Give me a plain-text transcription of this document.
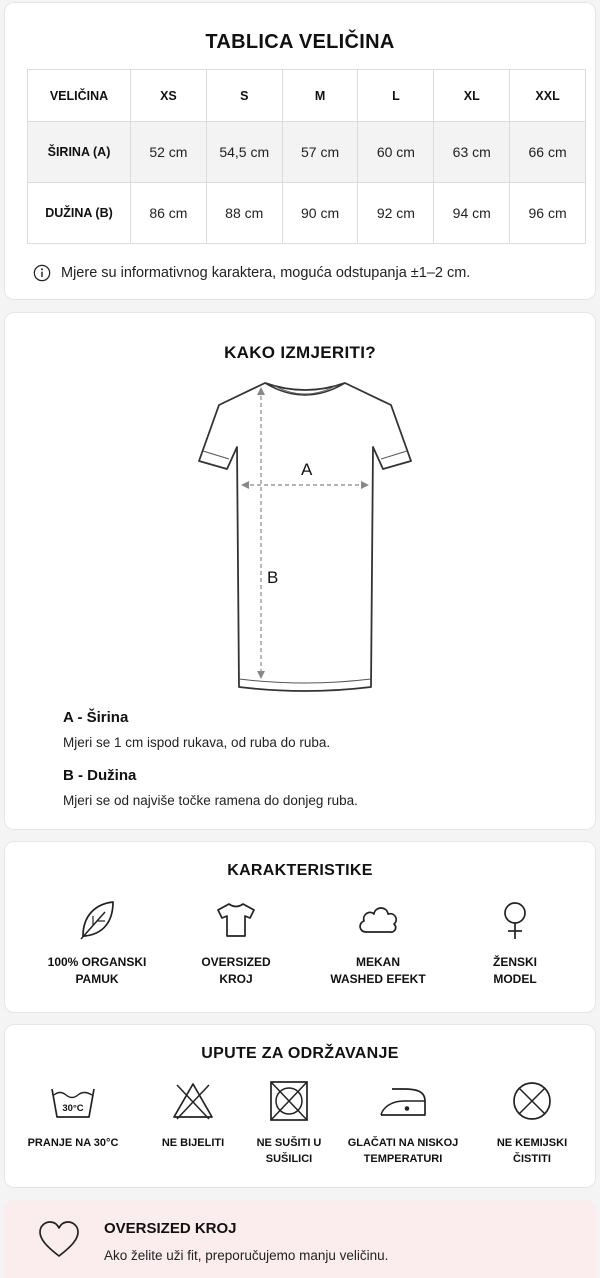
TABLICA VELIČINA
VELIČINA	XS	S	M	L	XL	XXL
ŠIRINA (A)	52 cm	54,5 cm	57 cm	60 cm	63 cm	66 cm
DUŽINA (B)	86 cm	88 cm	90 cm	92 cm	94 cm	96 cm
Mjere su informativnog karaktera, moguća odstupanja ±1–2 cm.
KAKO IZMJERITI?
A
B
A - Širina
Mjeri se 1 cm ispod rukava, od ruba do ruba.
B - Dužina
Mjeri se od najviše točke ramena do donjeg ruba.
KARAKTERISTIKE
100% ORGANSKI
PAMUK
OVERSIZED
KROJ
MEKAN
WASHED EFEKT
ŽENSKI
MODEL
UPUTE ZA ODRŽAVANJE
30°C
PRANJE NA 30°C	NE BIJELITI	NE SUŠITI U
SUŠILICI
GLAČATI NA NISKOJ
TEMPERATURI
NE KEMIJSKI
ČISTITI
OVERSIZED KROJ
Ako želite uži fit, preporučujemo manju veličinu.
